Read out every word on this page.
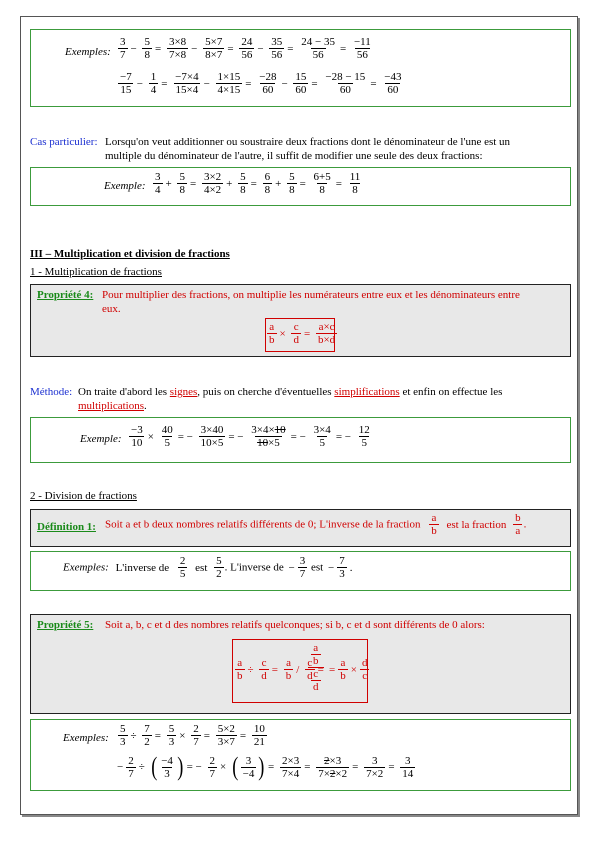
Exemples: $\frac{3}{7} - \frac{5}{8} = \frac{3\times 8}{7\times 8} - \frac{5\times 7}{8\times 7} = \frac{24}{56} - \frac{35}{56} = \frac{24 - 35}{56} = \frac{-11}{56}$
$\frac{-7}{15} - \frac{1}{4} = \frac{-7\times 4}{15\times 4} - \frac{1\times 15}{4\times 15} = \frac{-28}{60} - \frac{15}{60} = \frac{-28 - 15}{60} = \frac{-43}{60}$
Cas particulier: Lorsqu'on veut additionner ou soustraire deux fractions dont le dénominateur de l'une est un
multiple du dénominateur de l'autre, il suffit de modifier une seule des deux fractions:
Exemple: $\frac{3}{4} + \frac{5}{8} = \frac{3\times 2}{4\times 2} + \frac{5}{8} = \frac{6}{8} + \frac{5}{8} = \frac{6+5}{8} = \frac{11}{8}$
III – Multiplication et division de fractions
1 - Multiplication de fractions
Propriété 4: Pour multiplier des fractions, on multiplie les numérateurs entre eux et les dénominateurs entre
eux.
$\frac{a}{b} \times \frac{c}{d} = \frac{a\times c}{b\times d}$
Méthode: On traite d'abord les signes, puis on cherche d'éventuelles simplifications et enfin on effectue les
multiplications.
Exemple: $\frac{-3}{10} \times \frac{40}{5}$ = − $\frac{3\times 40}{10\times 5}$ = − $\frac{3\times 4\times 10}{10\times 5}$ = − $\frac{3\times 4}{5}$ = − $\frac{12}{5}$
2 - Division de fractions
Définition 1: Soit a et b deux nombres relatifs différents de 0; L'inverse de la fraction $\frac{a}{b}$ est la fraction $\frac{b}{a}$ .
Exemples: L'inverse de $\frac{2}{5}$ est $\frac{5}{2}$ . L'inverse de − $\frac{3}{7}$ est − $\frac{7}{3}$ .
Propriété 5: Soit a, b, c et d des nombres relatifs quelconques; si b, c et d sont différents de 0 alors:
$\frac{a}{b} \div \frac{c}{d} = \frac{a}{b} / \frac{c}{d}$ =
$\frac{\frac{a}{b}}{\frac{c}{d}} = \frac{a}{b} \times \frac{d}{c}$
Exemples: $\frac{5}{3} \div \frac{7}{2} = \frac{5}{3} \times \frac{2}{7} = \frac{5\times 2}{3\times 7} = \frac{10}{21}$
− $\frac{2}{7}$ ÷ ( $\frac{-4}{3}$ ) = − $\frac{2}{7}$ × ( $\frac{3}{-4}$ ) = $\frac{2\times 3}{7\times 4} = \frac{2\times 3}{7\times 2\times 2} = \frac{3}{7\times 2} = \frac{3}{14}$
